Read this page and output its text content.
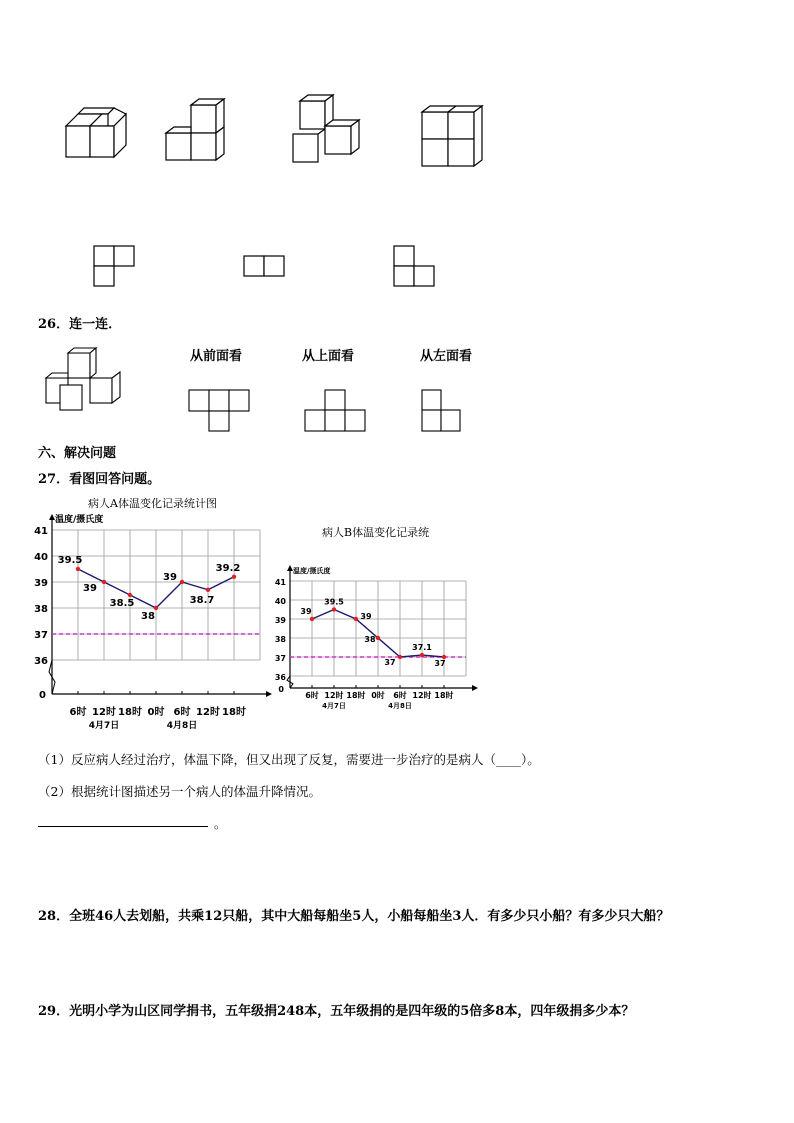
26．连一连．
从前面看	从上面看	从左面看
六、解决问题
27．看图回答问题。
病人A体温变化记录统计图
病人B体温变化记录统
温度/摄氏度
41
40
39
38
37
36
0
6时 12时 18时 0时 6时 12时 18时
4月7日	4月8日
39.5
39
38.5
38
39
38.7
39.2	温度/摄氏度
41
40
39
38
37
36
0
6时 12时 18时 0时 6时 12时 18时
4月7日	4月8日
39
39.5
39
38
37
37.1
37
（1）反应病人经过治疗，体温下降，但又出现了反复，需要进一步治疗的是病人（____）。
（2）根据统计图描述另一个病人的体温升降情况。
。
28．全班46人去划船，共乘12只船，其中大船每船坐5人，小船每船坐3人．有多少只小船？有多少只大船？
29．光明小学为山区同学捐书，五年级捐248本，五年级捐的是四年级的5倍多8本，四年级捐多少本？
